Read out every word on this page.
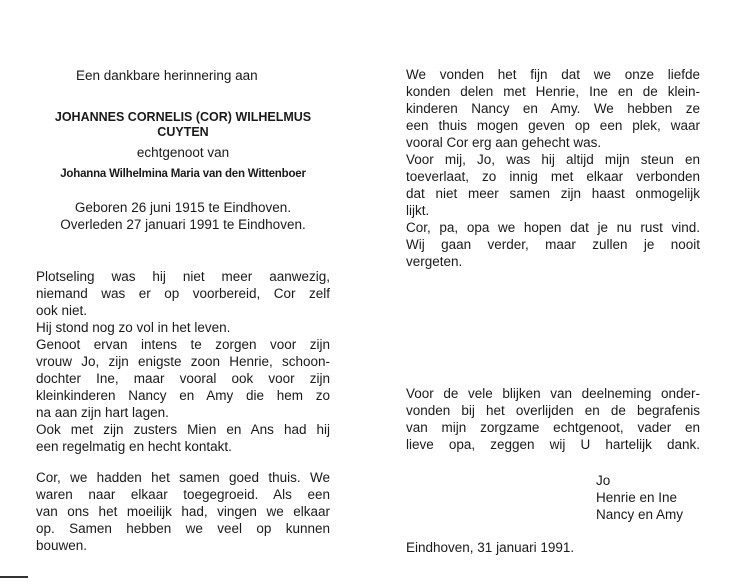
Een dankbare herinnering aan
JOHANNES CORNELIS (COR) WILHELMUS
CUYTEN
echtgenoot van
Johanna Wilhelmina Maria van den Wittenboer
Geboren 26 juni 1915 te Eindhoven.
Overleden 27 januari 1991 te Eindhoven.
Plotseling was hij niet meer aanwezig,
niemand was er op voorbereid, Cor zelf
ook niet.
Hij stond nog zo vol in het leven.
Genoot ervan intens te zorgen voor zijn
vrouw Jo, zijn enigste zoon Henrie, schoon-
dochter Ine, maar vooral ook voor zijn
kleinkinderen Nancy en Amy die hem zo
na aan zijn hart lagen.
Ook met zijn zusters Mien en Ans had hij
een regelmatig en hecht kontakt.
Cor, we hadden het samen goed thuis. We
waren naar elkaar toegegroeid. Als een
van ons het moeilijk had, vingen we elkaar
op. Samen hebben we veel op kunnen
bouwen.
We vonden het fijn dat we onze liefde
konden delen met Henrie, Ine en de klein-
kinderen Nancy en Amy. We hebben ze
een thuis mogen geven op een plek, waar
vooral Cor erg aan gehecht was.
Voor mij, Jo, was hij altijd mijn steun en
toeverlaat, zo innig met elkaar verbonden
dat niet meer samen zijn haast onmogelijk
lijkt.
Cor, pa, opa we hopen dat je nu rust vind.
Wij gaan verder, maar zullen je nooit
vergeten.
Voor de vele blijken van deelneming onder-
vonden bij het overlijden en de begrafenis
van mijn zorgzame echtgenoot, vader en
lieve opa, zeggen wij U hartelijk dank.
Jo
Henrie en Ine
Nancy en Amy
Eindhoven, 31 januari 1991.
